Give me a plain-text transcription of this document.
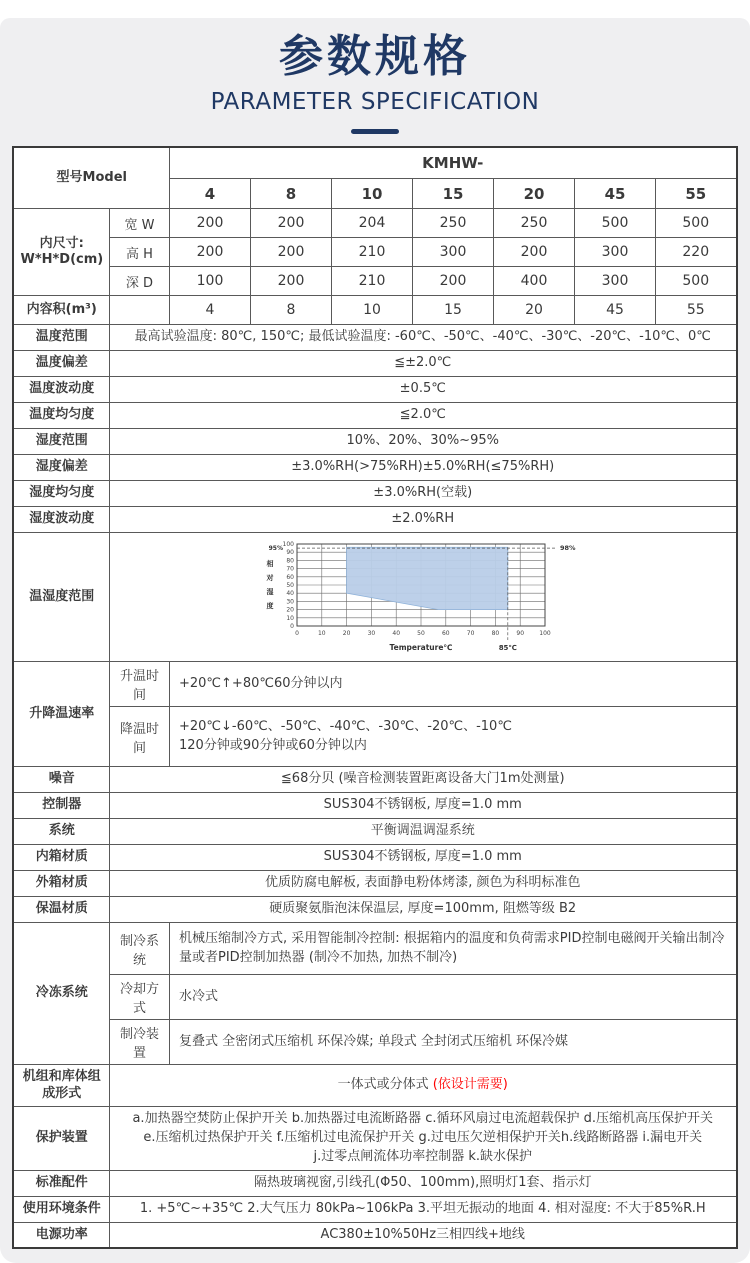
参数规格
PARAMETER SPECIFICATION
型号Model		KMHW-						
		4	8	10	15	20	45	55

内尺寸:
W*H*D(cm)	宽 W	200	200	204	250	250	500	500
	高 H	200	200	210	300	200	300	220
	深 D	100	200	210	200	400	300	500
内容积(m³)		4	8	10	15	20	45	55
温度范围	最高试验温度: 80℃, 150℃; 最低试验温度: -60℃、-50℃、-40℃、-30℃、-20℃、-10℃、0℃							
温度偏差	≦±2.0℃							
温度波动度	±0.5℃							
温度均匀度	≦2.0℃							
湿度范围	10%、20%、30%~95%							
湿度偏差	±3.0%RH(>75%RH)±5.0%RH(≤75%RH)							
湿度均匀度	±3.0%RH(空载)							
湿度波动度	±2.0%RH							
温湿度范围	
0	10	20	30	40	50	60	70	80	90	100
0
10
20
30
40
50
60
70
80
90
100	98%
95%
85℃
Temperature℃
相
对
湿
度

升降温速率	升温时间	+20℃↑+80℃60分钟以内						
	降温时间	+20℃↓-60℃、-50℃、-40℃、-30℃、-20℃、-10℃
120分钟或90分钟或60分钟以内						

噪音	≦68分贝 (噪音检测装置距离设备大门1m处测量)							
控制器	SUS304不锈钢板, 厚度=1.0 mm							
系统	平衡调温调湿系统							
内箱材质	SUS304不锈钢板, 厚度=1.0 mm							
外箱材质	优质防腐电解板, 表面静电粉体烤漆, 颜色为科明标准色							
保温材质	硬质聚氨脂泡沫保温层, 厚度=100mm, 阻燃等级 B2							
冷冻系统	制冷系统	机械压缩制冷方式, 采用智能制冷控制: 根据箱内的温度和负荷需求PID控制电磁阀开关输出制冷量或者PID控制加热器 (制冷不加热, 加热不制冷)						
	冷却方式	水冷式						
	制冷装置	复叠式 全密闭式压缩机 环保冷媒; 单段式 全封闭式压缩机 环保冷媒						
机组和库体组成形式	一体式或分体式 (依设计需要)							
保护装置	a.加热器空焚防止保护开关 b.加热器过电流断路器 c.循环风扇过电流超载保护 d.压缩机高压保护开关
e.压缩机过热保护开关 f.压缩机过电流保护开关 g.过电压欠逆相保护开关h.线路断路器 i.漏电开关
j.过零点闸流体功率控制器 k.缺水保护							

标准配件	隔热玻璃视窗,引线孔(Φ50、100mm),照明灯1套、指示灯							
使用环境条件	1. +5℃~+35℃ 2.大气压力 80kPa~106kPa 3.平坦无振动的地面 4. 相对湿度: 不大于85%R.H							
电源功率	AC380±10%50Hz三相四线+地线							
